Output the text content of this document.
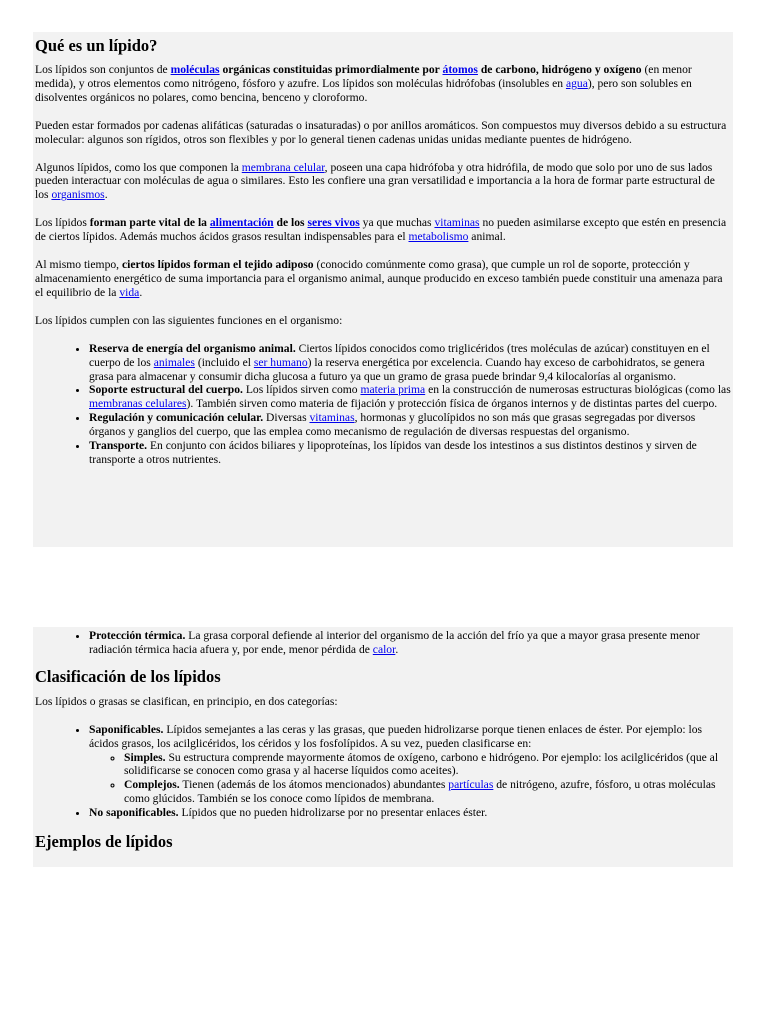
Qué es un lípido?

Los lípidos son conjuntos de moléculas orgánicas constituidas primordialmente por átomos de carbono, hidrógeno y oxígeno (en menor medida), y otros elementos como nitrógeno, fósforo y azufre. Los lípidos son moléculas hidrófobas (insolubles en agua), pero son solubles en disolventes orgánicos no polares, como bencina, benceno y cloroformo.

Pueden estar formados por cadenas alifáticas (saturadas o insaturadas) o por anillos aromáticos. Son compuestos muy diversos debido a su estructura molecular: algunos son rígidos, otros son flexibles y por lo general tienen cadenas unidas unidas mediante puentes de hidrógeno.

Algunos lípidos, como los que componen la membrana celular, poseen una capa hidrófoba y otra hidrófila, de modo que solo por uno de sus lados pueden interactuar con moléculas de agua o similares. Esto les confiere una gran versatilidad e importancia a la hora de formar parte estructural de los organismos.

Los lípidos forman parte vital de la alimentación de los seres vivos ya que muchas vitaminas no pueden asimilarse excepto que estén en presencia de ciertos lípidos. Además muchos ácidos grasos resultan indispensables para el metabolismo animal.

Al mismo tiempo, ciertos lípidos forman el tejido adiposo (conocido comúnmente como grasa), que cumple un rol de soporte, protección y almacenamiento energético de suma importancia para el organismo animal, aunque producido en exceso también puede constituir una amenaza para el equilibrio de la vida.

Los lípidos cumplen con las siguientes funciones en el organismo:

• Reserva de energía del organismo animal. Ciertos lípidos conocidos como triglicéridos (tres moléculas de azúcar) constituyen en el cuerpo de los animales (incluido el ser humano) la reserva energética por excelencia. Cuando hay exceso de carbohidratos, se genera grasa para almacenar y consumir dicha glucosa a futuro ya que un gramo de grasa puede brindar 9,4 kilocalorías al organismo.
• Soporte estructural del cuerpo. Los lípidos sirven como materia prima en la construcción de numerosas estructuras biológicas (como las membranas celulares). También sirven como materia de fijación y protección física de órganos internos y de distintas partes del cuerpo.
• Regulación y comunicación celular. Diversas vitaminas, hormonas y glucolípidos no son más que grasas segregadas por diversos órganos y ganglios del cuerpo, que las emplea como mecanismo de regulación de diversas respuestas del organismo.
• Transporte. En conjunto con ácidos biliares y lipoproteínas, los lípidos van desde los intestinos a sus distintos destinos y sirven de transporte a otros nutrientes.
• Protección térmica. La grasa corporal defiende al interior del organismo de la acción del frío ya que a mayor grasa presente menor radiación térmica hacia afuera y, por ende, menor pérdida de calor.
Clasificación de los lípidos

Los lípidos o grasas se clasifican, en principio, en dos categorías:

• Saponificables. Lípidos semejantes a las ceras y las grasas, que pueden hidrolizarse porque tienen enlaces de éster. Por ejemplo: los ácidos grasos, los acilglicéridos, los céridos y los fosfolípidos. A su vez, pueden clasificarse en:
◦ Simples. Su estructura comprende mayormente átomos de oxígeno, carbono e hidrógeno. Por ejemplo: los acilglicéridos (que al solidificarse se conocen como grasa y al hacerse líquidos como aceites).
◦ Complejos. Tienen (además de los átomos mencionados) abundantes partículas de nitrógeno, azufre, fósforo, u otras moléculas como glúcidos. También se los conoce como lípidos de membrana.
• No saponificables. Lípidos que no pueden hidrolizarse por no presentar enlaces éster.
Ejemplos de lípidos
